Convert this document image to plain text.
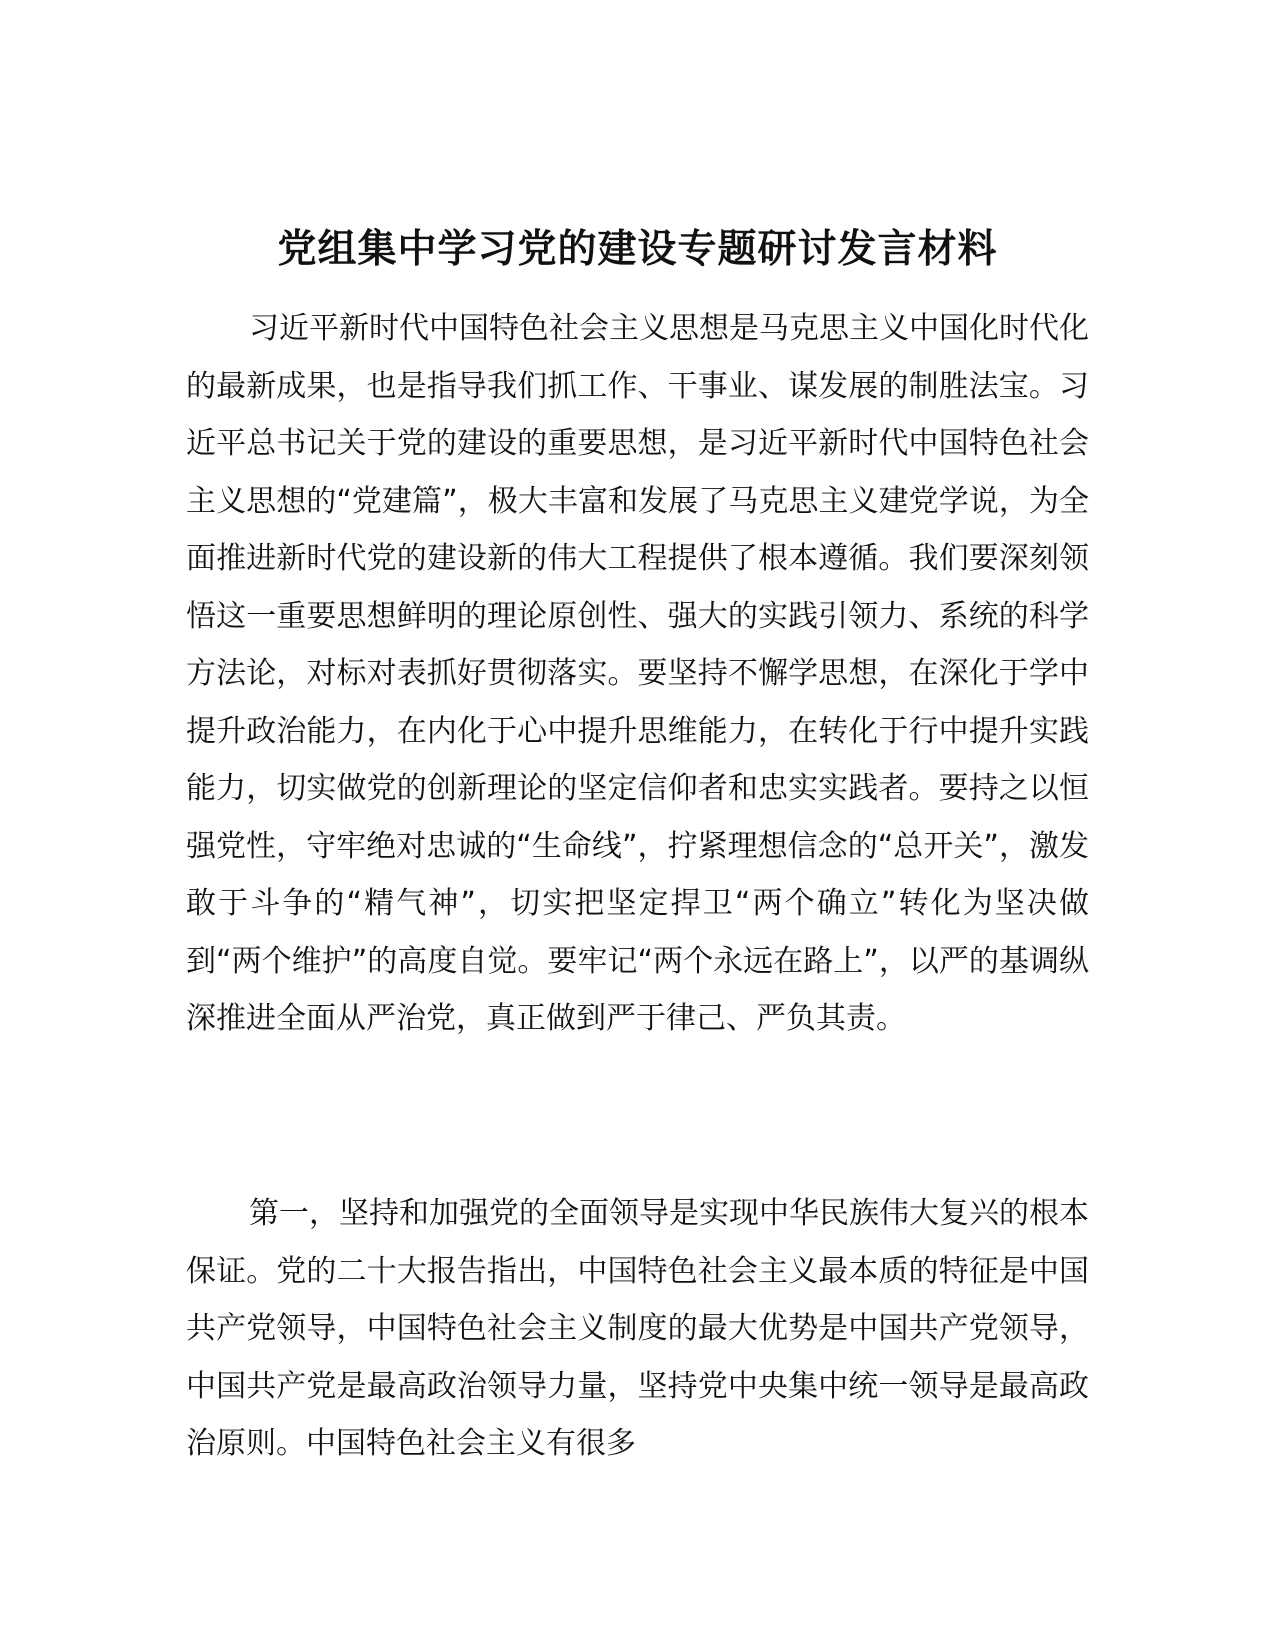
党组集中学习党的建设专题研讨发言材料

习近平新时代中国特色社会主义思想是马克思主义中国化时代化的最新成果，也是指导我们抓工作、干事业、谋发展的制胜法宝。习近平总书记关于党的建设的重要思想，是习近平新时代中国特色社会主义思想的“党建篇”，极大丰富和发展了马克思主义建党学说，为全面推进新时代党的建设新的伟大工程提供了根本遵循。我们要深刻领悟这一重要思想鲜明的理论原创性、强大的实践引领力、系统的科学方法论，对标对表抓好贯彻落实。要坚持不懈学思想，在深化于学中提升政治能力，在内化于心中提升思维能力，在转化于行中提升实践能力，切实做党的创新理论的坚定信仰者和忠实实践者。要持之以恒强党性，守牢绝对忠诚的“生命线”，拧紧理想信念的“总开关”，激发敢于斗争的“精气神”，切实把坚定捍卫“两个确立”转化为坚决做到“两个维护”的高度自觉。要牢记“两个永远在路上”，以严的基调纵深推进全面从严治党，真正做到严于律己、严负其责。

第一，坚持和加强党的全面领导是实现中华民族伟大复兴的根本保证。党的二十大报告指出，中国特色社会主义最本质的特征是中国共产党领导，中国特色社会主义制度的最大优势是中国共产党领导，中国共产党是最高政治领导力量，坚持党中央集中统一领导是最高政治原则。中国特色社会主义有很多
